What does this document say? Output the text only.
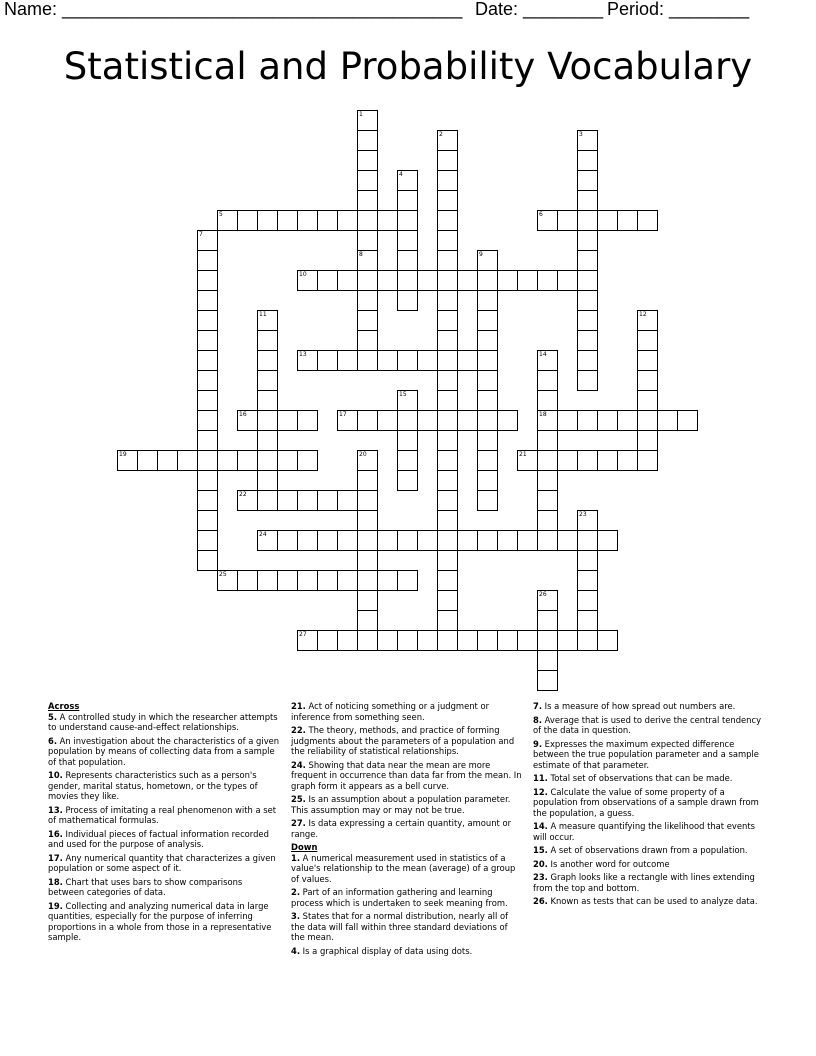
Name: ________________________________________ Date: ________ Period: ________
Statistical and Probability Vocabulary
1
2	3
4
5	6
7
8	9
10
11	12
13	14
15
16	17	18
19	20	21
22
23
24
25
26
27
Across
5. A controlled study in which the researcher attempts to understand cause-and-effect relationships.
6. An investigation about the characteristics of a given population by means of collecting data from a sample of that population.
10. Represents characteristics such as a person's gender, marital status, hometown, or the types of movies they like.
13. Process of imitating a real phenomenon with a set of mathematical formulas.
16. Individual pieces of factual information recorded and used for the purpose of analysis.
17. Any numerical quantity that characterizes a given population or some aspect of it.
18. Chart that uses bars to show comparisons between categories of data.
19. Collecting and analyzing numerical data in large quantities, especially for the purpose of inferring proportions in a whole from those in a representative sample.
21. Act of noticing something or a judgment or inference from something seen.
22. The theory, methods, and practice of forming judgments about the parameters of a population and the reliability of statistical relationships.
24. Showing that data near the mean are more frequent in occurrence than data far from the mean. In graph form it appears as a bell curve.
25. Is an assumption about a population parameter. This assumption may or may not be true.
27. Is data expressing a certain quantity, amount or range.
Down
1. A numerical measurement used in statistics of a value's relationship to the mean (average) of a group of values.
2. Part of an information gathering and learning process which is undertaken to seek meaning from.
3. States that for a normal distribution, nearly all of the data will fall within three standard deviations of the mean.
4. Is a graphical display of data using dots.
7. Is a measure of how spread out numbers are.
8. Average that is used to derive the central tendency of the data in question.
9. Expresses the maximum expected difference between the true population parameter and a sample estimate of that parameter.
11. Total set of observations that can be made.
12. Calculate the value of some property of a population from observations of a sample drawn from the population, a guess.
14. A measure quantifying the likelihood that events will occur.
15. A set of observations drawn from a population.
20. Is another word for outcome
23. Graph looks like a rectangle with lines extending from the top and bottom.
26. Known as tests that can be used to analyze data.
